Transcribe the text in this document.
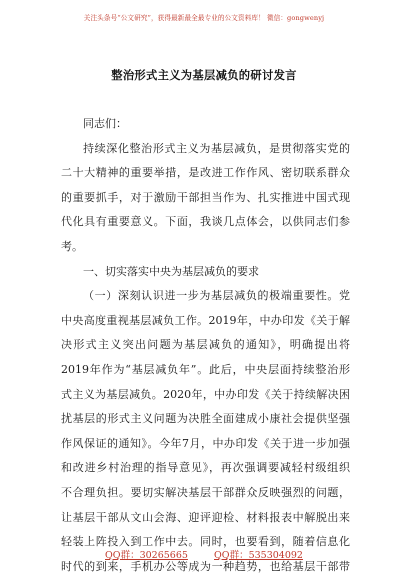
关注头条号“公文研究”，获得最新最全最专业的公文资料库！ 微信：gongwenyj
整治形式主义为基层减负的研讨发言
同志们：
持续深化整治形式主义为基层减负，是贯彻落实党的
二十大精神的重要举措，是改进工作作风、密切联系群众
的重要抓手，对于激励干部担当作为、扎实推进中国式现
代化具有重要意义。下面，我谈几点体会，以供同志们参
考。
一、切实落实中央为基层减负的要求
（一）深刻认识进一步为基层减负的极端重要性。党
中央高度重视基层减负工作。2019年，中办印发《关于解
决形式主义突出问题为基层减负的通知》，明确提出将
2019年作为“基层减负年”。此后，中央层面持续整治形
式主义为基层减负。2020年，中办印发《关于持续解决困
扰基层的形式主义问题为决胜全面建成小康社会提供坚强
作风保证的通知》。今年7月，中办印发《关于进一步加强
和改进乡村治理的指导意见》，再次强调要减轻村级组织
不合理负担。要切实解决基层干部群众反映强烈的问题，
让基层干部从文山会海、迎评迎检、材料报表中解脱出来
轻装上阵投入到工作中去。同时，也要看到，随着信息化
时代的到来，手机办公等成为一种趋势，也给基层干部带
QQ群：30265665	QQ群：535304092
